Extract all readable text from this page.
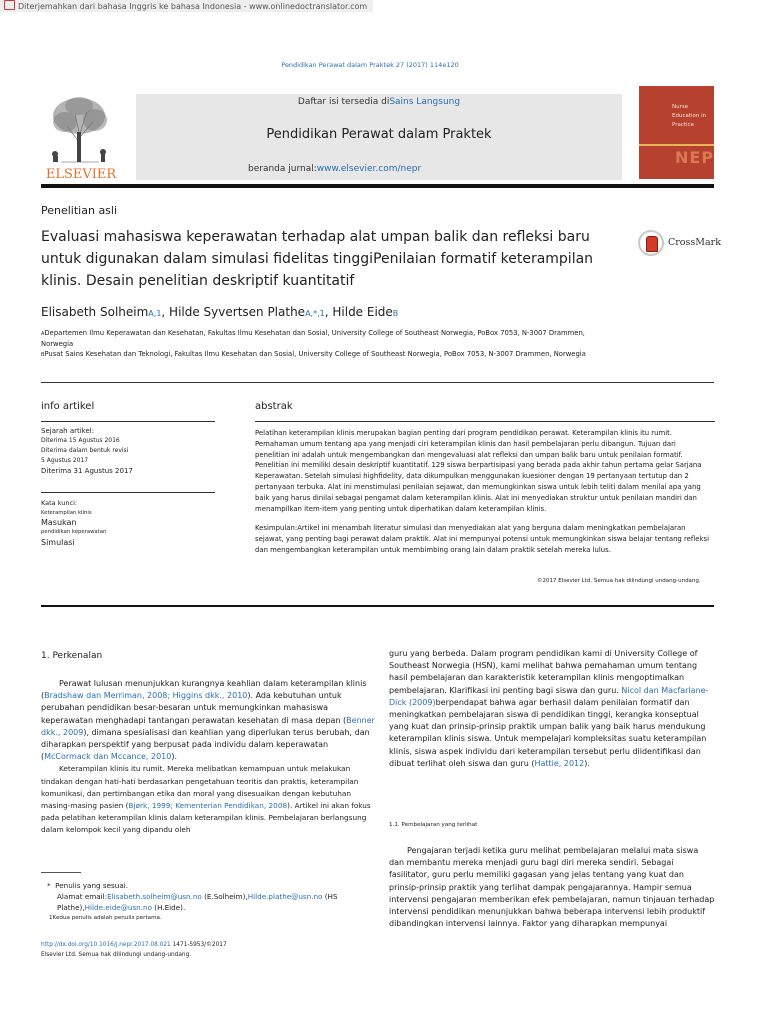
Diterjemahkan dari bahasa Inggris ke bahasa Indonesia - www.onlinedoctranslator.com
Pendidikan Perawat dalam Praktek 27 (2017) 114e120
ELSEVIER
Daftar isi tersedia diSains Langsung
Pendidikan Perawat dalam Praktek
beranda jurnal:www.elsevier.com/nepr
Nurse
Education in
Practice
NEP
Penelitian asli
Evaluasi mahasiswa keperawatan terhadap alat umpan balik dan refleksi baru untuk digunakan dalam simulasi fidelitas tinggiPenilaian formatif keterampilan klinis. Desain penelitian deskriptif kuantitatif
CrossMark
Elisabeth SolheimA,1, Hilde Syvertsen PlatheA,*,1, Hilde EideB
ADepartemen Ilmu Keperawatan dan Kesehatan, Fakultas Ilmu Kesehatan dan Sosial, University College of Southeast Norwegia, PoBox 7053, N-3007 Drammen, Norwegia
BPusat Sains Kesehatan dan Teknologi, Fakultas Ilmu Kesehatan dan Sosial, University College of Southeast Norwegia, PoBox 7053, N-3007 Drammen, Norwegia
info artikel
Sejarah artikel:
Diterima 15 Agustus 2016
Diterima dalam bentuk revisi
5 Agustus 2017
Diterima 31 Agustus 2017
Kata kunci:
Keterampilan klinis
Masukan
pendidikan keperawatan
Simulasi
abstrak

Pelatihan keterampilan klinis merupakan bagian penting dari program pendidikan perawat. Keterampilan klinis itu rumit. Pemahaman umum tentang apa yang menjadi ciri keterampilan klinis dan hasil pembelajaran perlu dibangun. Tujuan dari penelitian ini adalah untuk mengembangkan dan mengevaluasi alat refleksi dan umpan balik baru untuk penilaian formatif. Penelitian ini memiliki desain deskriptif kuantitatif. 129 siswa berpartisipasi yang berada pada akhir tahun pertama gelar Sarjana Keperawatan. Setelah simulasi highfidelity, data dikumpulkan menggunakan kuesioner dengan 19 pertanyaan tertutup dan 2 pertanyaan terbuka. Alat ini menstimulasi penilaian sejawat, dan memungkinkan siswa untuk lebih teliti dalam menilai apa yang baik yang harus dinilai sebagai pengamat dalam keterampilan klinis. Alat ini menyediakan struktur untuk penilaian mandiri dan menampilkan item-item yang penting untuk diperhatikan dalam keterampilan klinis.

Kesimpulan:Artikel ini menambah literatur simulasi dan menyediakan alat yang berguna dalam meningkatkan pembelajaran sejawat, yang penting bagi perawat dalam praktik. Alat ini mempunyai potensi untuk memungkinkan siswa belajar tentang refleksi dan mengembangkan keterampilan untuk membimbing orang lain dalam praktik setelah mereka lulus.

©2017 Elsevier Ltd. Semua hak dilindungi undang-undang.
1. Perkenalan

Perawat lulusan menunjukkan kurangnya keahlian dalam keterampilan klinis (Bradshaw dan Merriman, 2008; Higgins dkk., 2010). Ada kebutuhan untuk perubahan pendidikan besar-besaran untuk memungkinkan mahasiswa keperawatan menghadapi tantangan perawatan kesehatan di masa depan (Benner dkk., 2009), dimana spesialisasi dan keahlian yang diperlukan terus berubah, dan diharapkan perspektif yang berpusat pada individu dalam keperawatan (McCormack dan Mccance, 2010).

Keterampilan klinis itu rumit. Mereka melibatkan kemampuan untuk melakukan tindakan dengan hati-hati berdasarkan pengetahuan teoritis dan praktis, keterampilan komunikasi, dan pertimbangan etika dan moral yang disesuaikan dengan kebutuhan masing-masing pasien (Bjørk, 1999; Kementerian Pendidikan, 2008). Artikel ini akan fokus pada pelatihan keterampilan klinis dalam keterampilan klinis. Pembelajaran berlangsung dalam kelompok kecil yang dipandu oleh

guru yang berbeda. Dalam program pendidikan kami di University College of Southeast Norwegia (HSN), kami melihat bahwa pemahaman umum tentang hasil pembelajaran dan karakteristik keterampilan klinis mengoptimalkan pembelajaran. Klarifikasi ini penting bagi siswa dan guru. Nicol dan Macfarlane-Dick (2009)berpendapat bahwa agar berhasil dalam penilaian formatif dan meningkatkan pembelajaran siswa di pendidikan tinggi, kerangka konseptual yang kuat dan prinsip-prinsip praktik umpan balik yang baik harus mendukung keterampilan klinis siswa. Untuk mempelajari kompleksitas suatu keterampilan klinis, siswa aspek individu dari keterampilan tersebut perlu diidentifikasi dan dibuat terlihat oleh siswa dan guru (Hattie, 2012).

1.1. Pembelajaran yang terlihat

Pengajaran terjadi ketika guru melihat pembelajaran melalui mata siswa dan membantu mereka menjadi guru bagi diri mereka sendiri. Sebagai fasilitator, guru perlu memiliki gagasan yang jelas tentang yang kuat dan prinsip-prinsip praktik yang terlihat dampak pengajarannya. Hampir semua intervensi pengajaran memberikan efek pembelajaran, namun tinjauan terhadap intervensi pendidikan menunjukkan bahwa beberapa intervensi lebih produktif dibandingkan intervensi lainnya. Faktor yang diharapkan mempunyai

* Penulis yang sesuai.
Alamat email:Elisabeth.solheim@usn.no (E.Solheim),Hilde.plathe@usn.no (HS Plathe),Hilde.eide@usn.no (H.Eide).
1Kedua penulis adalah penulis pertama.
http://dx.doi.org/10.1016/j.nepr.2017.08.021 1471-5953/©2017
Elsevier Ltd. Semua hak dilindungi undang-undang.
